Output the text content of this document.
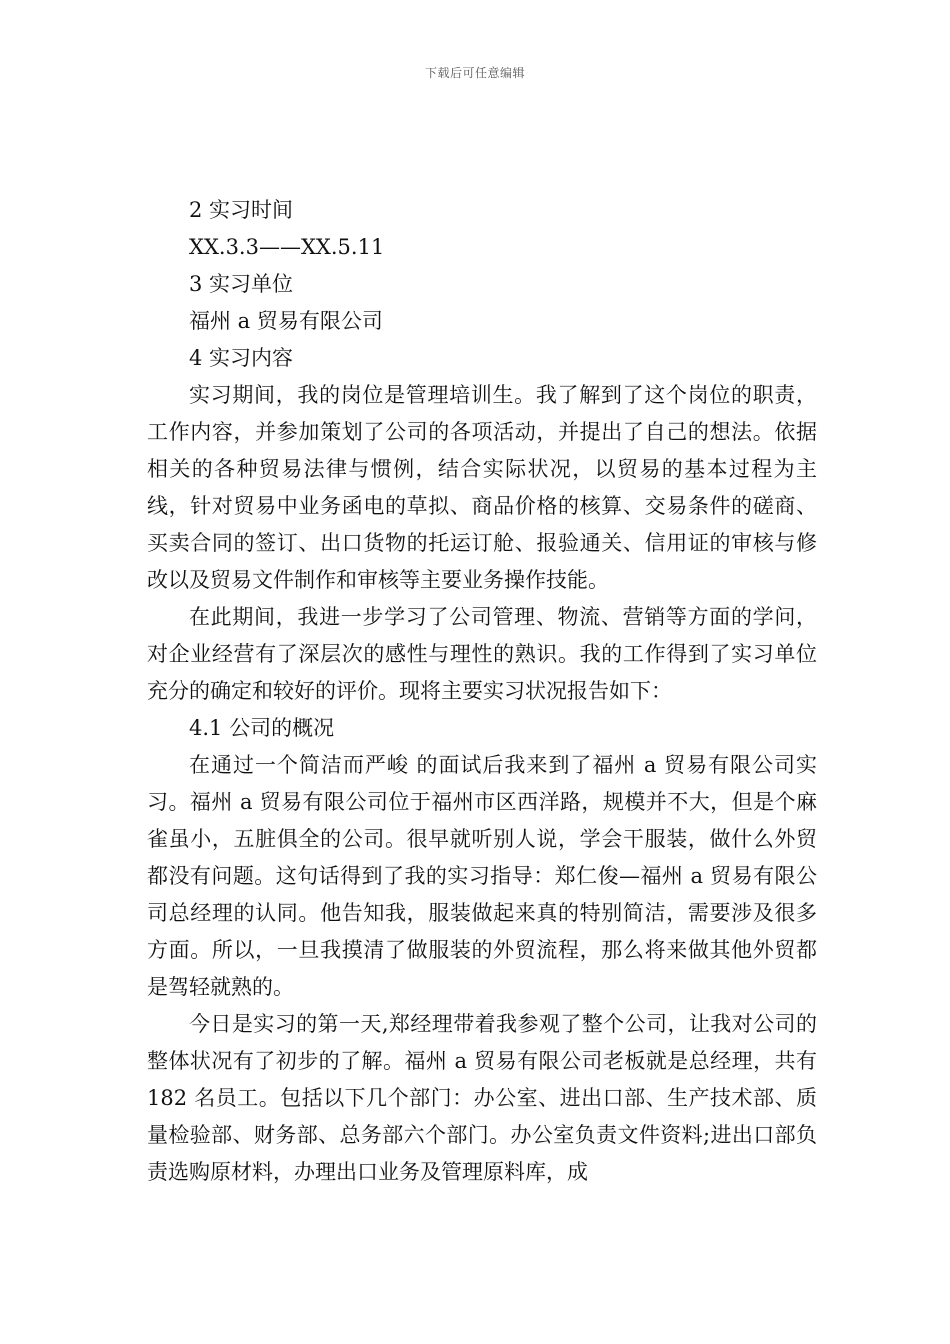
下载后可任意编辑

2 实习时间

XX.3.3——XX.5.11

3 实习单位

福州 a 贸易有限公司

4 实习内容

实习期间，我的岗位是管理培训生。我了解到了这个岗位的职责，工作内容，并参加策划了公司的各项活动，并提出了自己的想法。依据相关的各种贸易法律与惯例，结合实际状况，以贸易的基本过程为主线，针对贸易中业务函电的草拟、商品价格的核算、交易条件的磋商、买卖合同的签订、出口货物的托运订舱、报验通关、信用证的审核与修改以及贸易文件制作和审核等主要业务操作技能。

在此期间，我进一步学习了公司管理、物流、营销等方面的学问，对企业经营有了深层次的感性与理性的熟识。我的工作得到了实习单位充分的确定和较好的评价。现将主要实习状况报告如下：

4.1 公司的概况

在通过一个简洁而严峻 的面试后我来到了福州 a 贸易有限公司实习。福州 a 贸易有限公司位于福州市区西洋路，规模并不大，但是个麻雀虽小，五脏俱全的公司。很早就听别人说，学会干服装，做什么外贸都没有问题。这句话得到了我的实习指导：郑仁俊—福州 a 贸易有限公司总经理的认同。他告知我，服装做起来真的特别简洁，需要涉及很多方面。所以，一旦我摸清了做服装的外贸流程，那么将来做其他外贸都是驾轻就熟的。

今日是实习的第一天,郑经理带着我参观了整个公司，让我对公司的整体状况有了初步的了解。福州 a 贸易有限公司老板就是总经理，共有 182 名员工。包括以下几个部门：办公室、进出口部、生产技术部、质量检验部、财务部、总务部六个部门。办公室负责文件资料;进出口部负责选购原材料，办理出口业务及管理原料库，成
